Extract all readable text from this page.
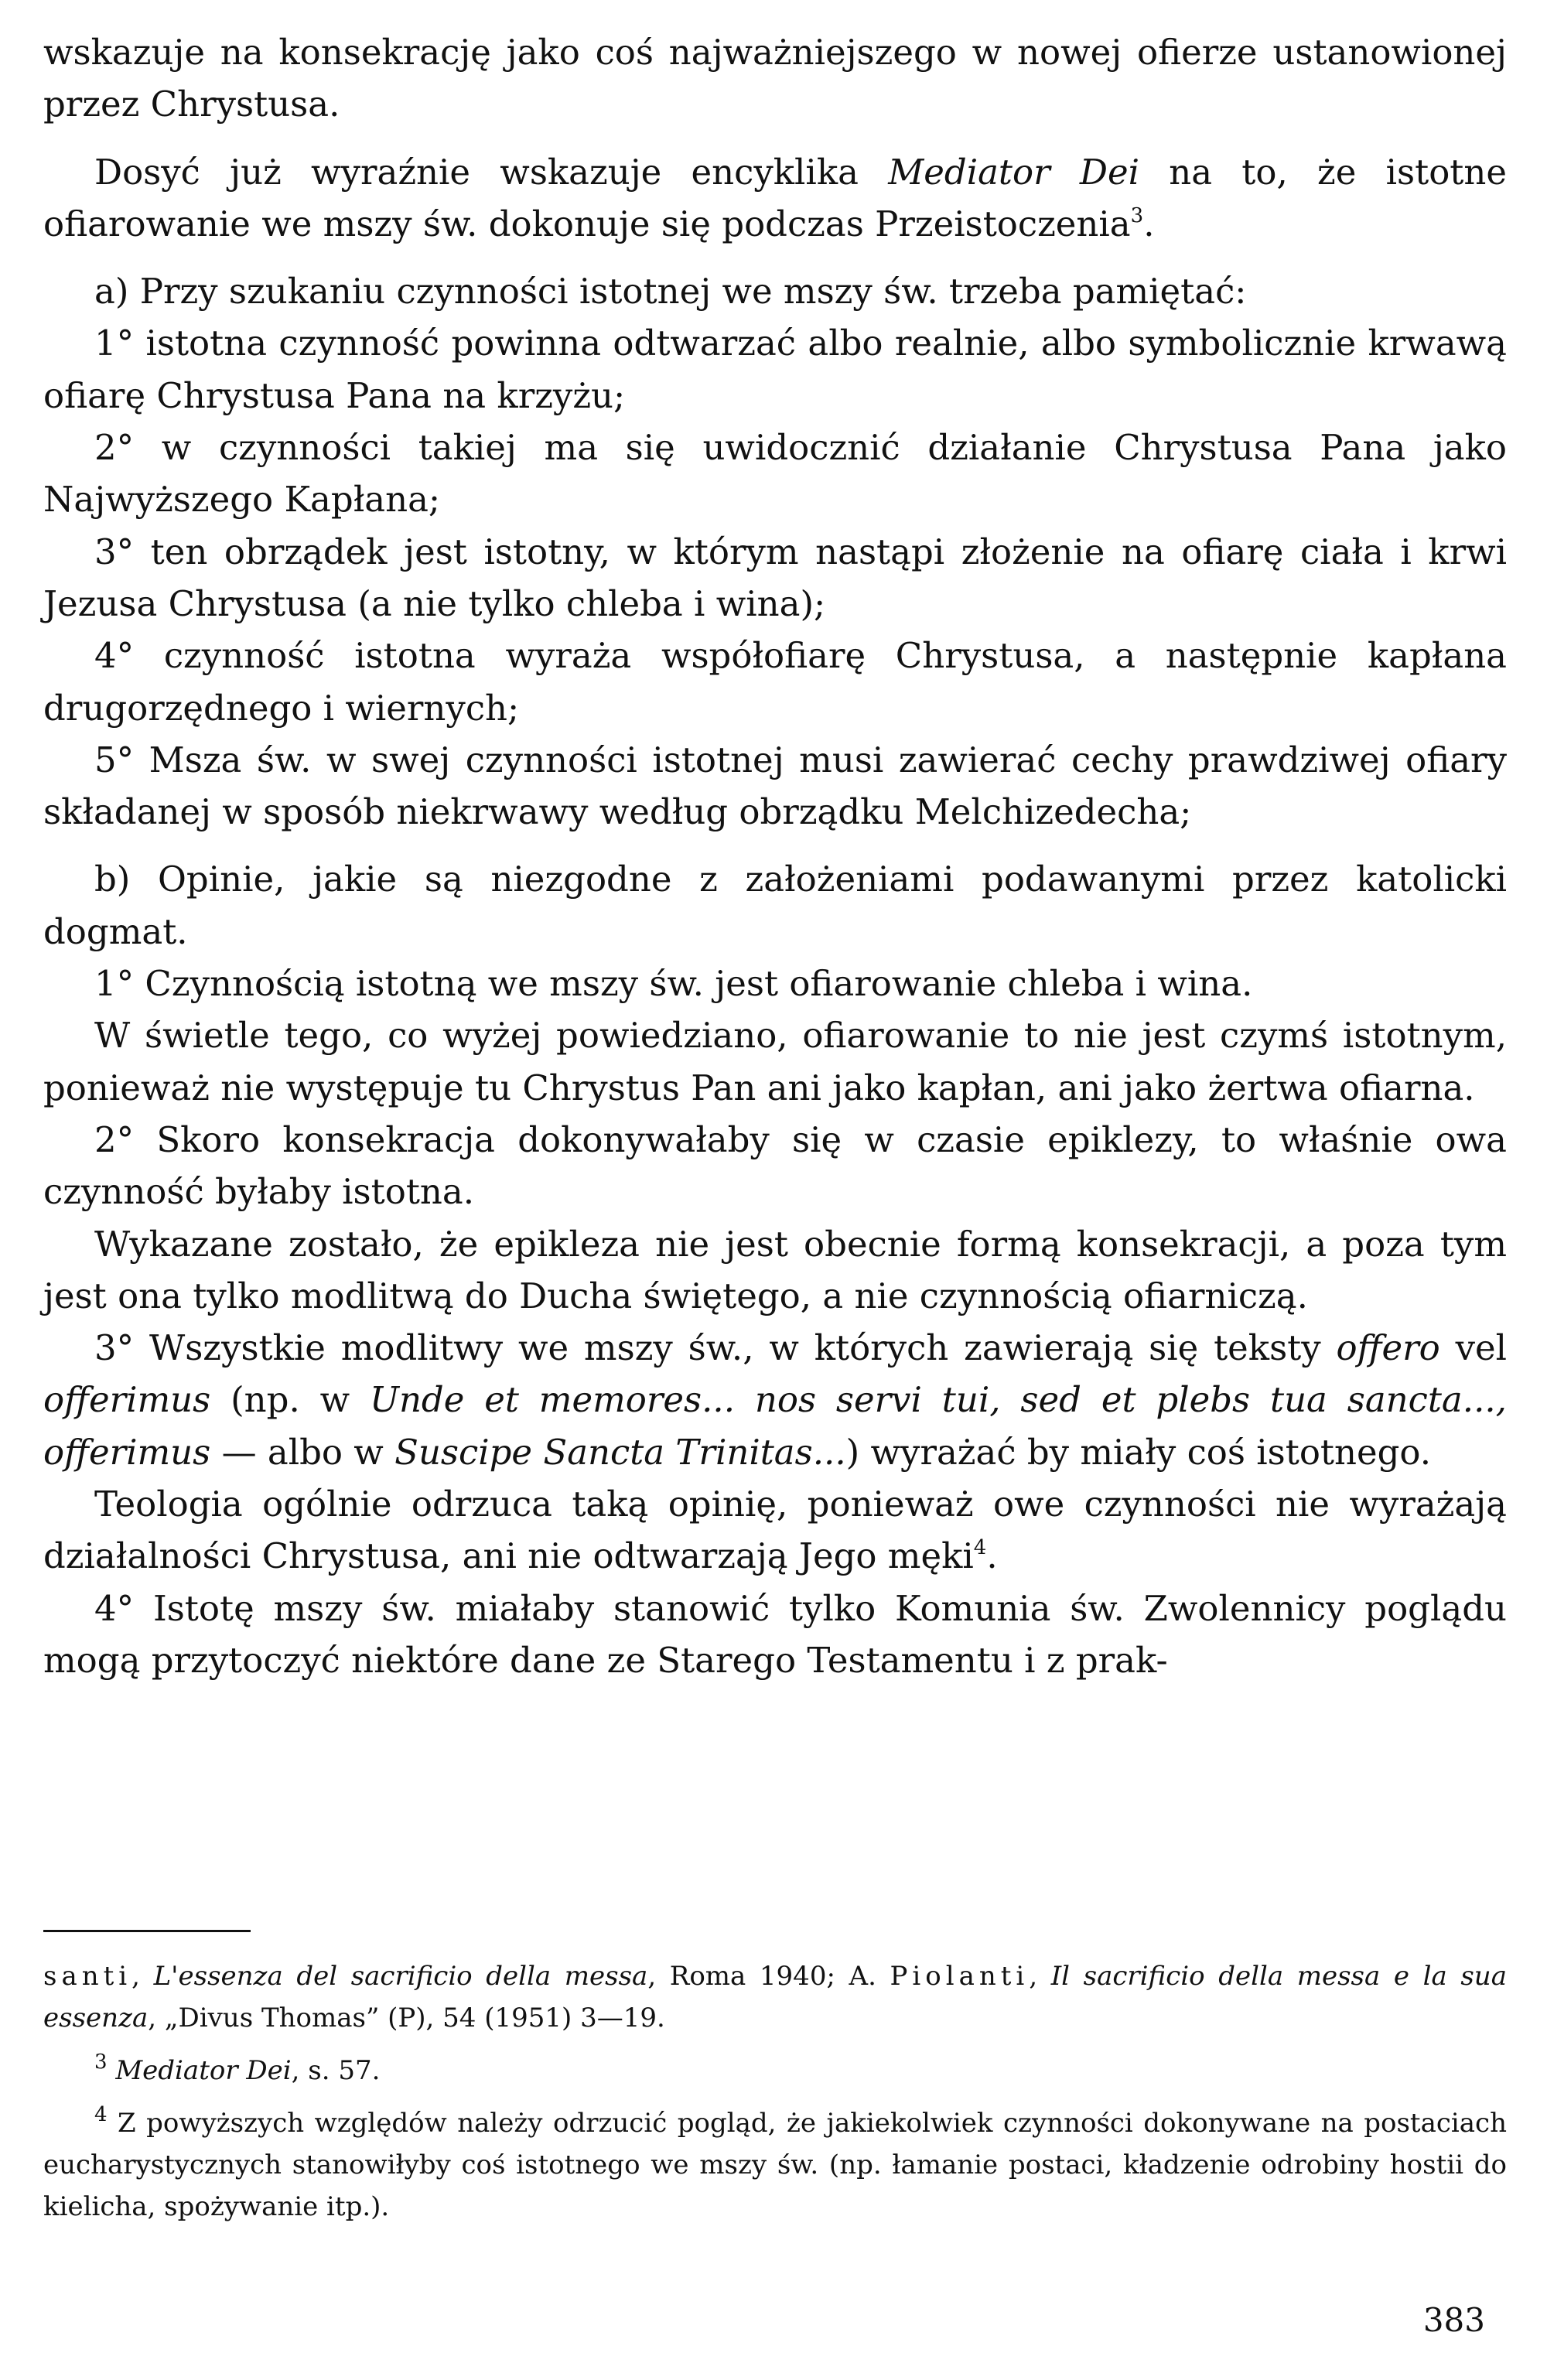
wskazuje na konsekrację jako coś najważniejszego w nowej ofierze ustanowionej przez Chrystusa.

Dosyć już wyraźnie wskazuje encyklika Mediator Dei na to, że istotne ofiarowanie we mszy św. dokonuje się podczas Przeistoczenia$^3$.

a) Przy szukaniu czynności istotnej we mszy św. trzeba pamiętać:

1° istotna czynność powinna odtwarzać albo realnie, albo symbolicznie krwawą ofiarę Chrystusa Pana na krzyżu;

2° w czynności takiej ma się uwidocznić działanie Chrystusa Pana jako Najwyższego Kapłana;

3° ten obrządek jest istotny, w którym nastąpi złożenie na ofiarę ciała i krwi Jezusa Chrystusa (a nie tylko chleba i wina);

4° czynność istotna wyraża współofiarę Chrystusa, a następnie kapłana drugorzędnego i wiernych;

5° Msza św. w swej czynności istotnej musi zawierać cechy prawdziwej ofiary składanej w sposób niekrwawy według obrządku Melchizedecha;

b) Opinie, jakie są niezgodne z założeniami podawanymi przez katolicki dogmat.

1° Czynnością istotną we mszy św. jest ofiarowanie chleba i wina.

W świetle tego, co wyżej powiedziano, ofiarowanie to nie jest czymś istotnym, ponieważ nie występuje tu Chrystus Pan ani jako kapłan, ani jako żertwa ofiarna.

2° Skoro konsekracja dokonywałaby się w czasie epiklezy, to właśnie owa czynność byłaby istotna.

Wykazane zostało, że epikleza nie jest obecnie formą konsekracji, a poza tym jest ona tylko modlitwą do Ducha świętego, a nie czynnością ofiarniczą.

3° Wszystkie modlitwy we mszy św., w których zawierają się teksty offero vel offerimus (np. w Unde et memores... nos servi tui, sed et plebs tua sancta..., offerimus — albo w Suscipe Sancta Trinitas...) wyrażać by miały coś istotnego.

Teologia ogólnie odrzuca taką opinię, ponieważ owe czynności nie wyrażają działalności Chrystusa, ani nie odtwarzają Jego męki$^4$.

4° Istotę mszy św. miałaby stanowić tylko Komunia św. Zwolennicy poglądu mogą przytoczyć niektóre dane ze Starego Testamentu i z prak-

santi, L'essenza del sacrificio della messa, Roma 1940; A. Piolanti, Il sacrificio della messa e la sua essenza, „Divus Thomas” (P), 54 (1951) 3—19.

$^3$ Mediator Dei, s. 57.

$^4$ Z powyższych względów należy odrzucić pogląd, że jakiekolwiek czynności dokonywane na postaciach eucharystycznych stanowiłyby coś istotnego we mszy św. (np. łamanie postaci, kładzenie odrobiny hostii do kielicha, spożywanie itp.).

383
